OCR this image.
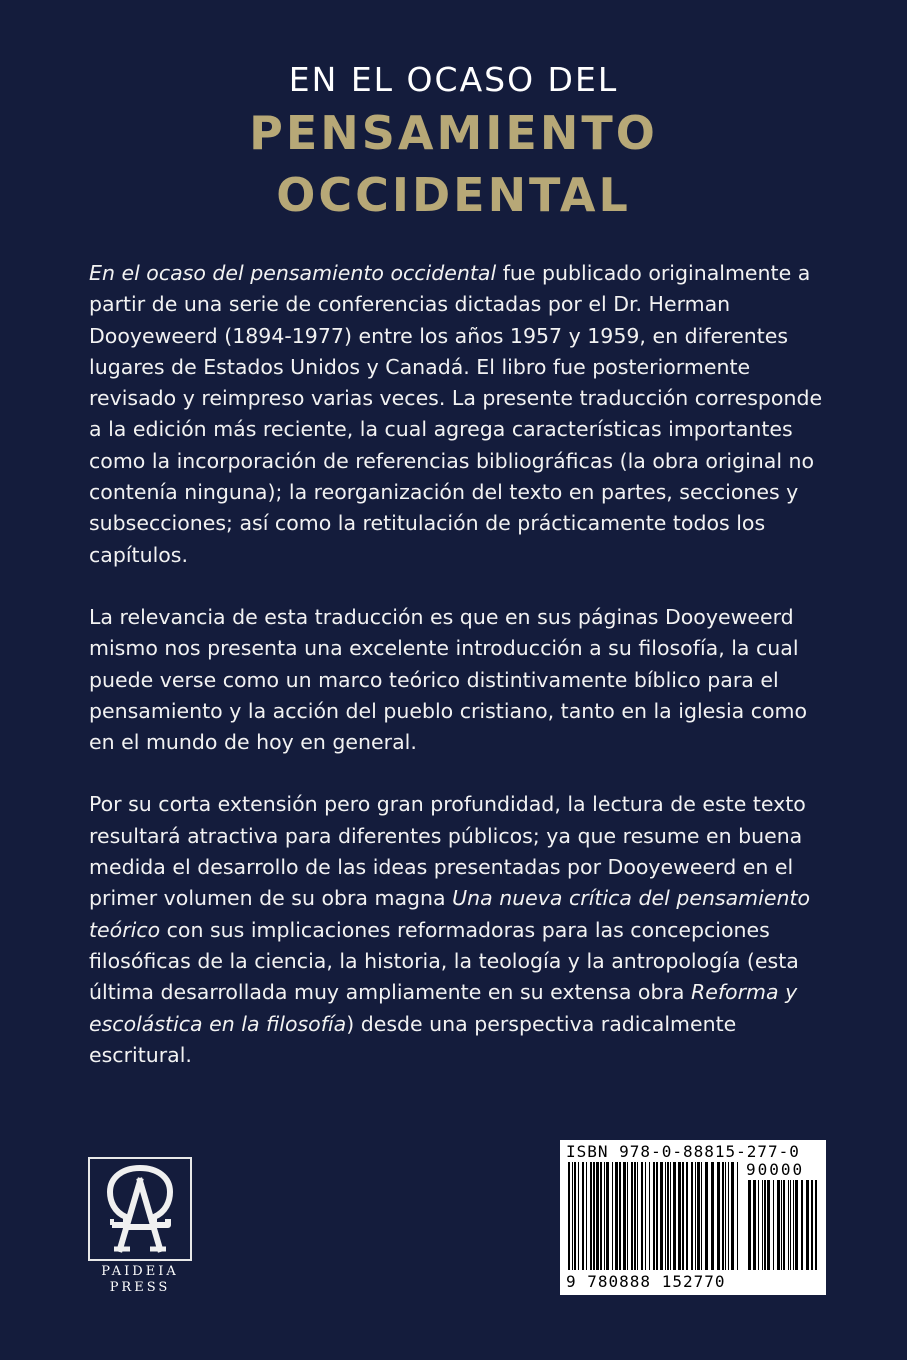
EN EL OCASO DEL
PENSAMIENTO
OCCIDENTAL

En el ocaso del pensamiento occidental fue publicado originalmente a partir de una serie de conferencias dictadas por el Dr. Herman Dooyeweerd (1894-1977) entre los años 1957 y 1959, en diferentes lugares de Estados Unidos y Canadá. El libro fue posteriormente revisado y reimpreso varias veces. La presente traducción corresponde a la edición más reciente, la cual agrega características importantes como la incorporación de referencias bibliográficas (la obra original no contenía ninguna); la reorganización del texto en partes, secciones y subsecciones; así como la retitulación de prácticamente todos los capítulos.

La relevancia de esta traducción es que en sus páginas Dooyeweerd mismo nos presenta una excelente introducción a su filosofía, la cual puede verse como un marco teórico distintivamente bíblico para el pensamiento y la acción del pueblo cristiano, tanto en la iglesia como en el mundo de hoy en general.

Por su corta extensión pero gran profundidad, la lectura de este texto resultará atractiva para diferentes públicos; ya que resume en buena medida el desarrollo de las ideas presentadas por Dooyeweerd en el primer volumen de su obra magna Una nueva crítica del pensamiento teórico con sus implicaciones reformadoras para las concepciones filosóficas de la ciencia, la historia, la teología y la antropología (esta última desarrollada muy ampliamente en su extensa obra Reforma y escolástica en la filosofía) desde una perspectiva radicalmente escritural.

PAIDEIA
PRESS
ISBN 978-0-88815-277-0
90000
9 780888 152770
